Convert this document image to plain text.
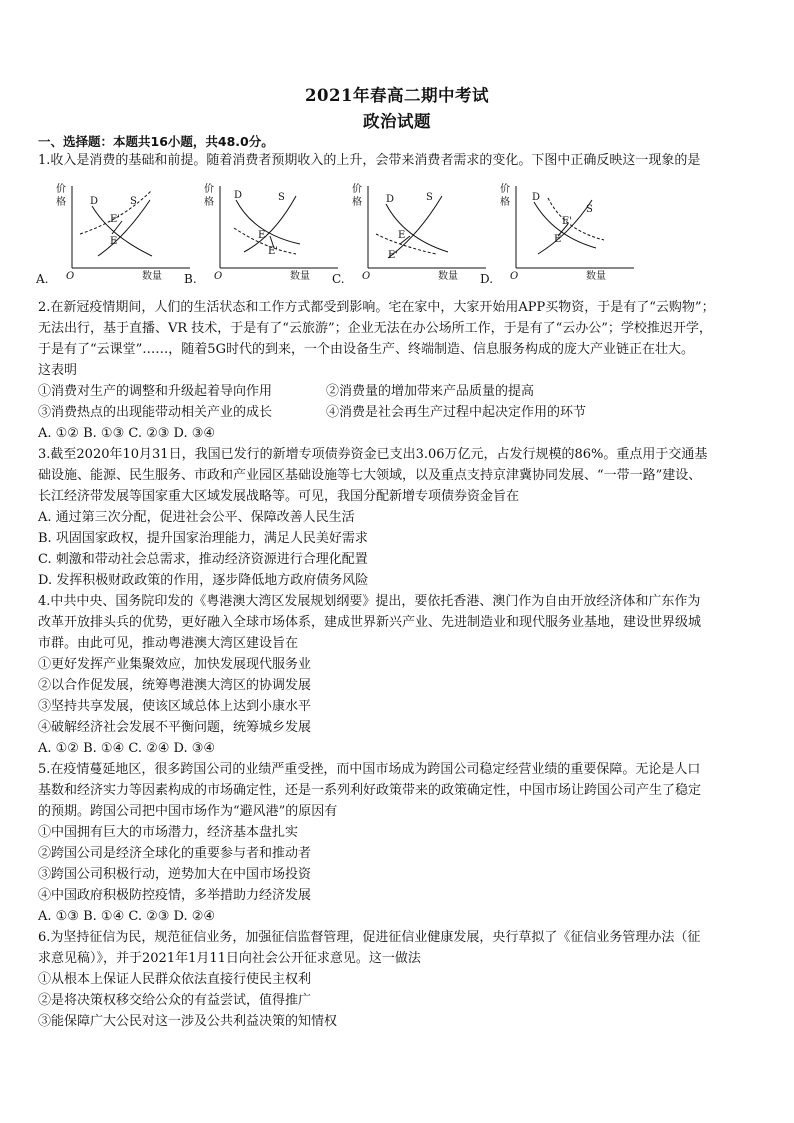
2021年春高二期中考试
政治试题
一、选择题：本题共16小题，共48.0分。
1.收入是消费的基础和前提。随着消费者预期收入的上升，会带来消费者需求的变化。下图中正确反映这一现象的是
价
格
O	数量
D	S
E'
E
A.
价
格
O	数量
D	S
E
E'
B.
价
格
O	数量
D	S
E
E'
C.
价
格
O	数量
D
S
E'
E
D.
2.在新冠疫情期间，人们的生活状态和工作方式都受到影响。宅在家中，大家开始用APP买物资，于是有了“云购物”；
无法出行，基于直播、VR 技术，于是有了“云旅游”；企业无法在办公场所工作，于是有了“云办公”；学校推迟开学，
于是有了“云课堂”……，随着5G时代的到来，一个由设备生产、终端制造、信息服务构成的庞大产业链正在壮大。
这表明
①消费对生产的调整和升级起着导向作用	②消费量的增加带来产品质量的提高
③消费热点的出现能带动相关产业的成长	④消费是社会再生产过程中起决定作用的环节
A. ①② B. ①③ C. ②③ D. ③④
3.截至2020年10月31日，我国已发行的新增专项债券资金已支出3.06万亿元，占发行规模的86%。重点用于交通基
础设施、能源、民生服务、市政和产业园区基础设施等七大领域，以及重点支持京津冀协同发展、“一带一路”建设、
长江经济带发展等国家重大区域发展战略等。可见，我国分配新增专项债券资金旨在
A. 通过第三次分配，促进社会公平、保障改善人民生活
B. 巩固国家政权，提升国家治理能力，满足人民美好需求
C. 刺激和带动社会总需求，推动经济资源进行合理化配置
D. 发挥积极财政政策的作用，逐步降低地方政府债务风险
4.中共中央、国务院印发的《粤港澳大湾区发展规划纲要》提出，要依托香港、澳门作为自由开放经济体和广东作为
改革开放排头兵的优势，更好融入全球市场体系，建成世界新兴产业、先进制造业和现代服务业基地，建设世界级城
市群。由此可见，推动粤港澳大湾区建设旨在
①更好发挥产业集聚效应，加快发展现代服务业
②以合作促发展，统筹粤港澳大湾区的协调发展
③坚持共享发展，使该区域总体上达到小康水平
④破解经济社会发展不平衡问题，统筹城乡发展
A. ①② B. ①④ C. ②④ D. ③④
5.在疫情蔓延地区，很多跨国公司的业绩严重受挫，而中国市场成为跨国公司稳定经营业绩的重要保障。无论是人口
基数和经济实力等因素构成的市场确定性，还是一系列利好政策带来的政策确定性，中国市场让跨国公司产生了稳定
的预期。跨国公司把中国市场作为“避风港”的原因有
①中国拥有巨大的市场潜力，经济基本盘扎实
②跨国公司是经济全球化的重要参与者和推动者
③跨国公司积极行动，逆势加大在中国市场投资
④中国政府积极防控疫情，多举措助力经济发展
A. ①③ B. ①④ C. ②③ D. ②④
6.为坚持征信为民，规范征信业务，加强征信监督管理，促进征信业健康发展，央行草拟了《征信业务管理办法（征
求意见稿）》，并于2021年1月11日向社会公开征求意见。这一做法
①从根本上保证人民群众依法直接行使民主权利
②是将决策权移交给公众的有益尝试，值得推广
③能保障广大公民对这一涉及公共利益决策的知情权
